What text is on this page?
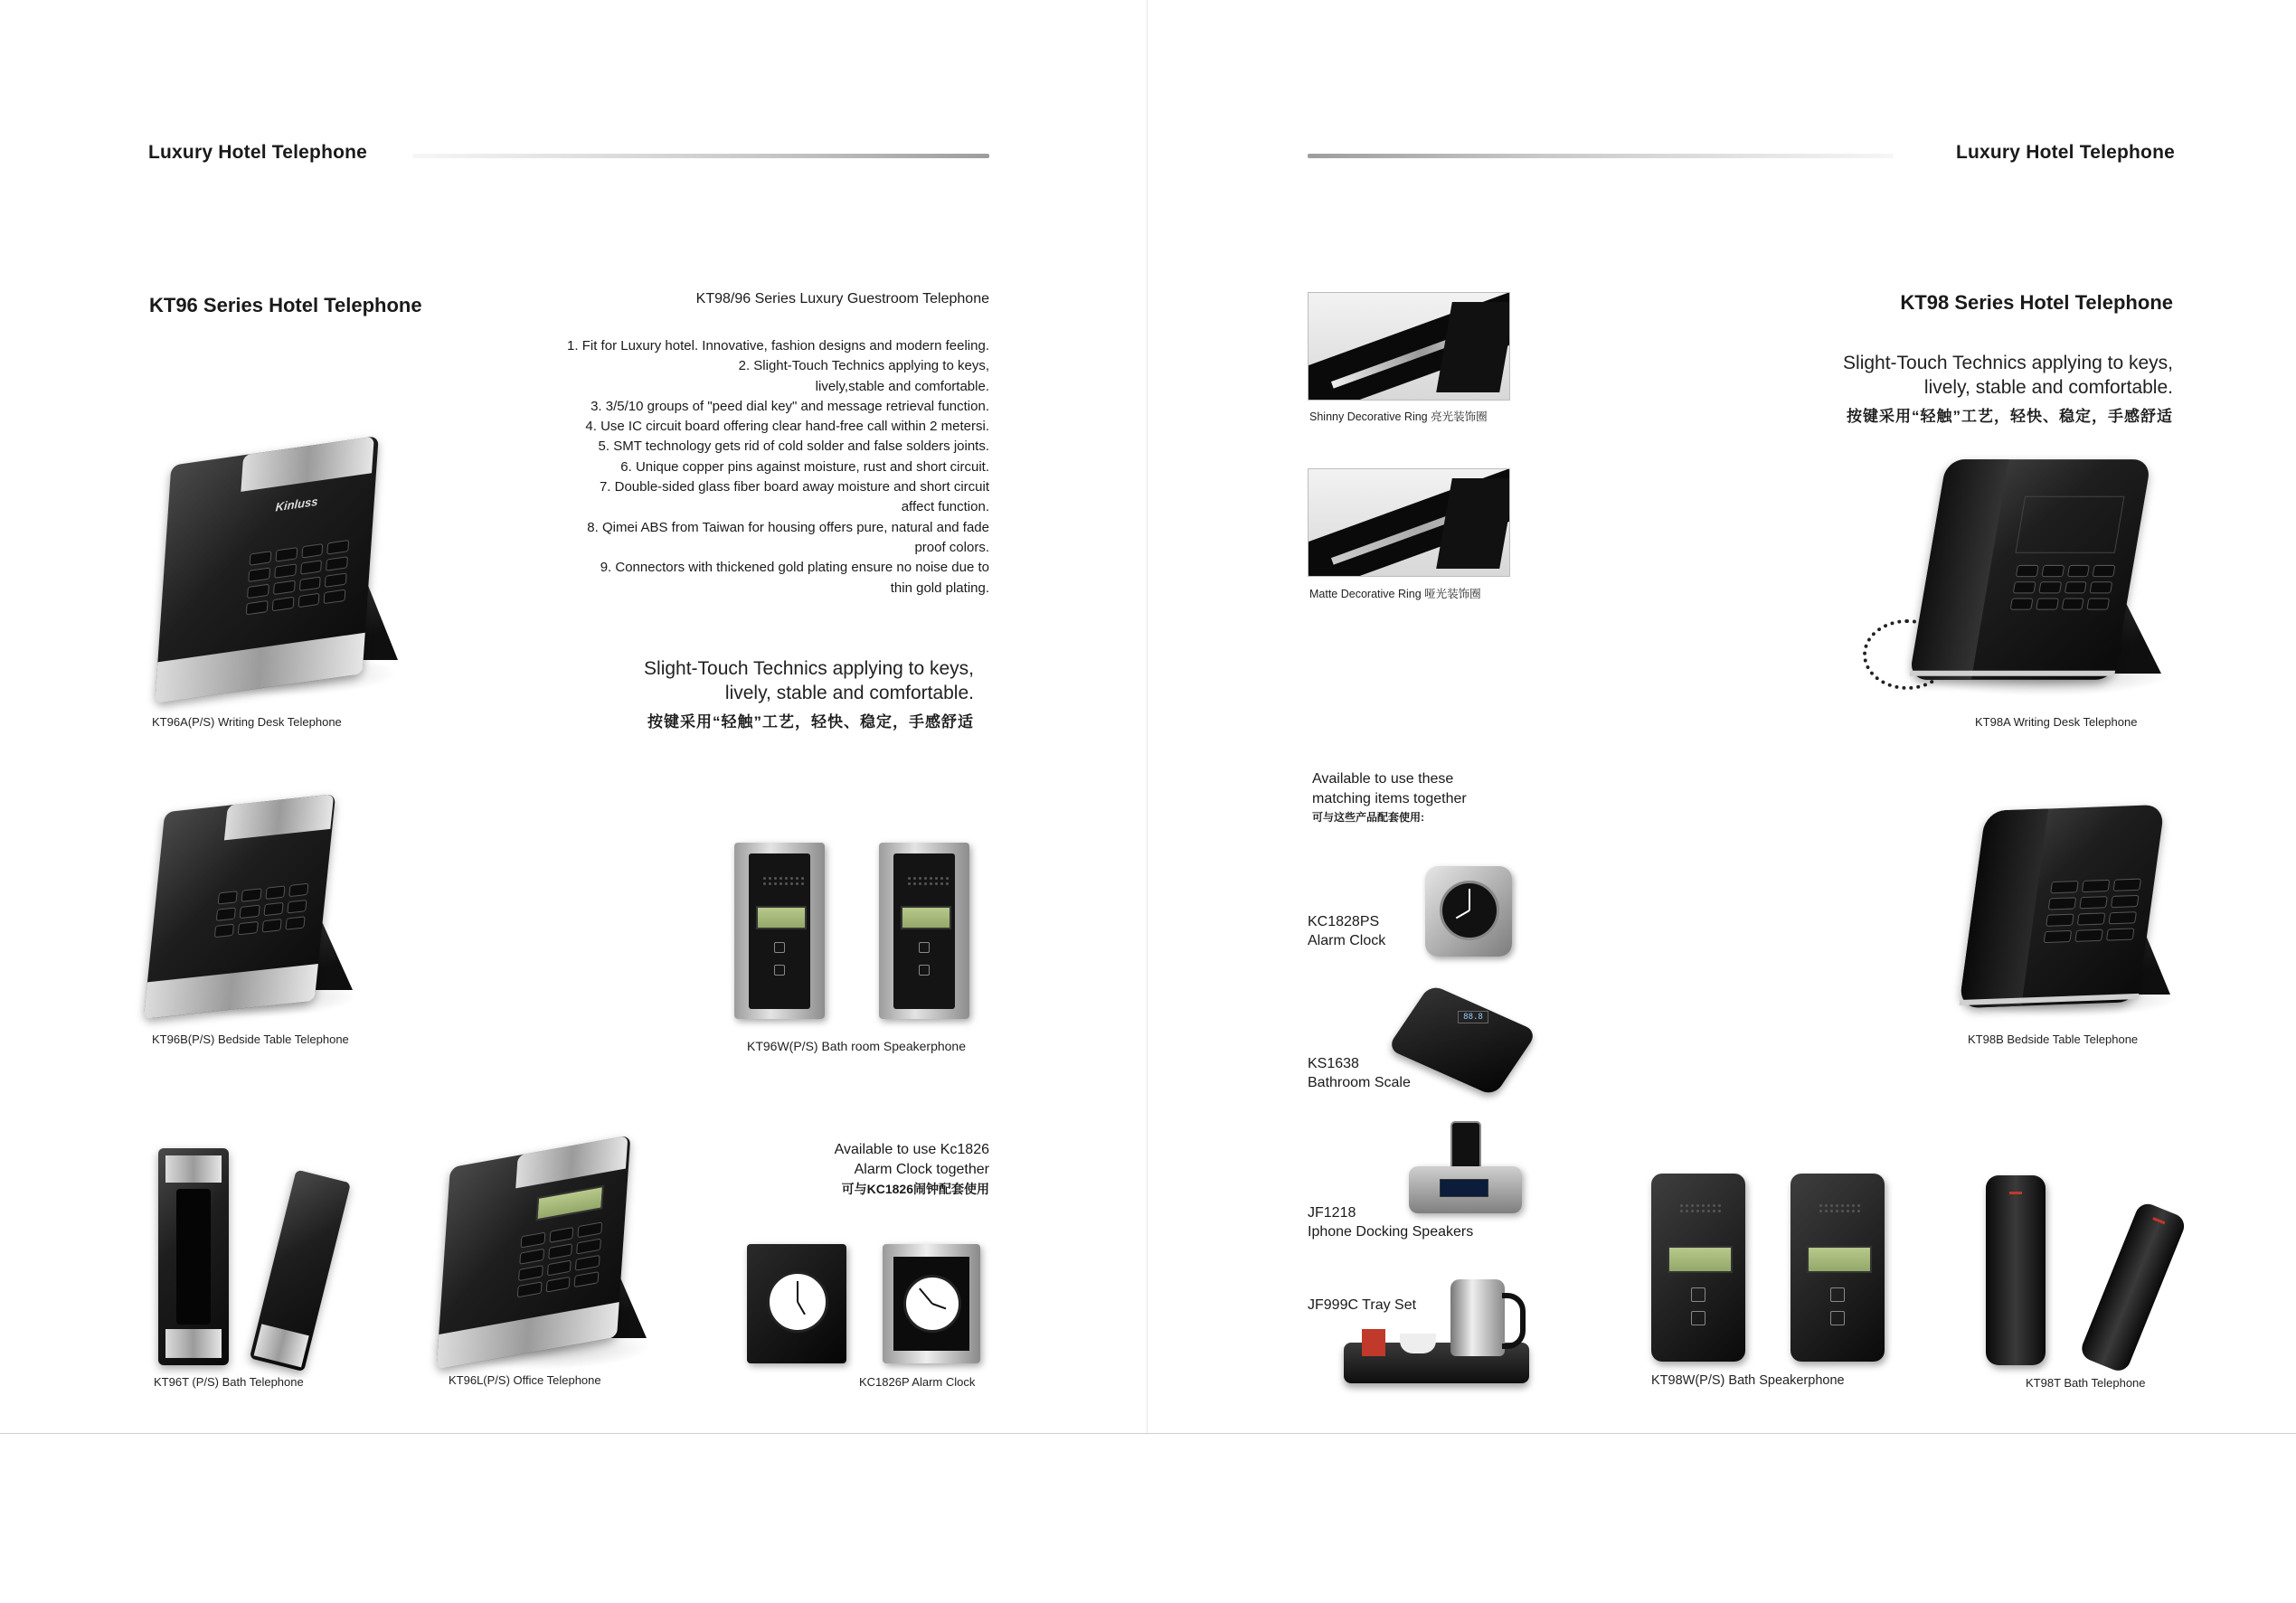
Luxury Hotel Telephone
KT96 Series Hotel Telephone	KT98/96 Series Luxury Guestroom Telephone
1. Fit for Luxury hotel. Innovative, fashion designs and modern feeling.
2. Slight-Touch Technics applying to keys,
lively,stable and comfortable.
3. 3/5/10 groups of "peed dial key" and message retrieval function.
4. Use IC circuit board offering clear hand-free call within 2 metersi.
5. SMT technology gets rid of cold solder and false solders joints.
6. Unique copper pins against moisture, rust and short circuit.
7. Double-sided glass fiber board away moisture and short circuit
affect function.
8. Qimei ABS from Taiwan for housing offers pure, natural and fade
proof colors.
9. Connectors with thickened gold plating ensure no noise due to
thin gold plating.
Slight-Touch Technics applying to keys,
lively, stable and comfortable.
按键采用“轻触”工艺，轻快、稳定，手感舒适
Kinluss
KT96A(P/S) Writing Desk Telephone
KT96B(P/S) Bedside Table Telephone	KT96W(P/S) Bath room Speakerphone
KT96T (P/S) Bath Telephone	KT96L(P/S) Office Telephone
Available to use Kc1826
Alarm Clock together
可与KC1826闹钟配套使用
KC1826P Alarm Clock
Luxury Hotel Telephone
Shinny Decorative Ring 亮光装饰圈
Matte Decorative Ring 哑光装饰圈
KT98 Series Hotel Telephone
Slight-Touch Technics applying to keys,
lively, stable and comfortable.
按键采用“轻触”工艺，轻快、稳定，手感舒适
KT98A Writing Desk Telephone
Available to use these
matching items together
可与这些产品配套使用:
KC1828PS
Alarm Clock
KS1638
Bathroom Scale
88.8
JF1218
Iphone Docking Speakers
JF999C Tray Set
KT98B Bedside Table Telephone
KT98W(P/S) Bath Speakerphone	KT98T Bath Telephone
